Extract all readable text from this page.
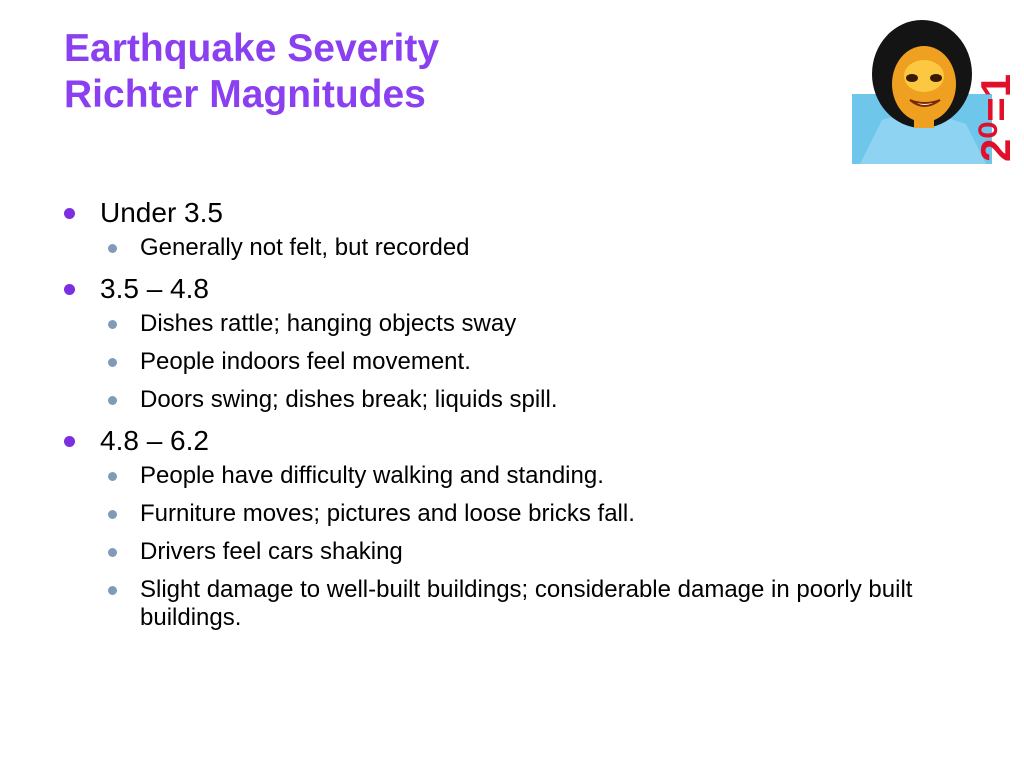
Earthquake Severity
Richter Magnitudes	2⁰=1
Under 3.5
Generally not felt, but recorded
3.5 – 4.8
Dishes rattle; hanging objects sway
People indoors feel movement.
Doors swing; dishes break; liquids spill.
4.8 – 6.2
People have difficulty walking and standing.
Furniture moves; pictures and loose bricks fall.
Drivers feel cars shaking
Slight damage to well-built buildings; considerable damage in poorly built buildings.
